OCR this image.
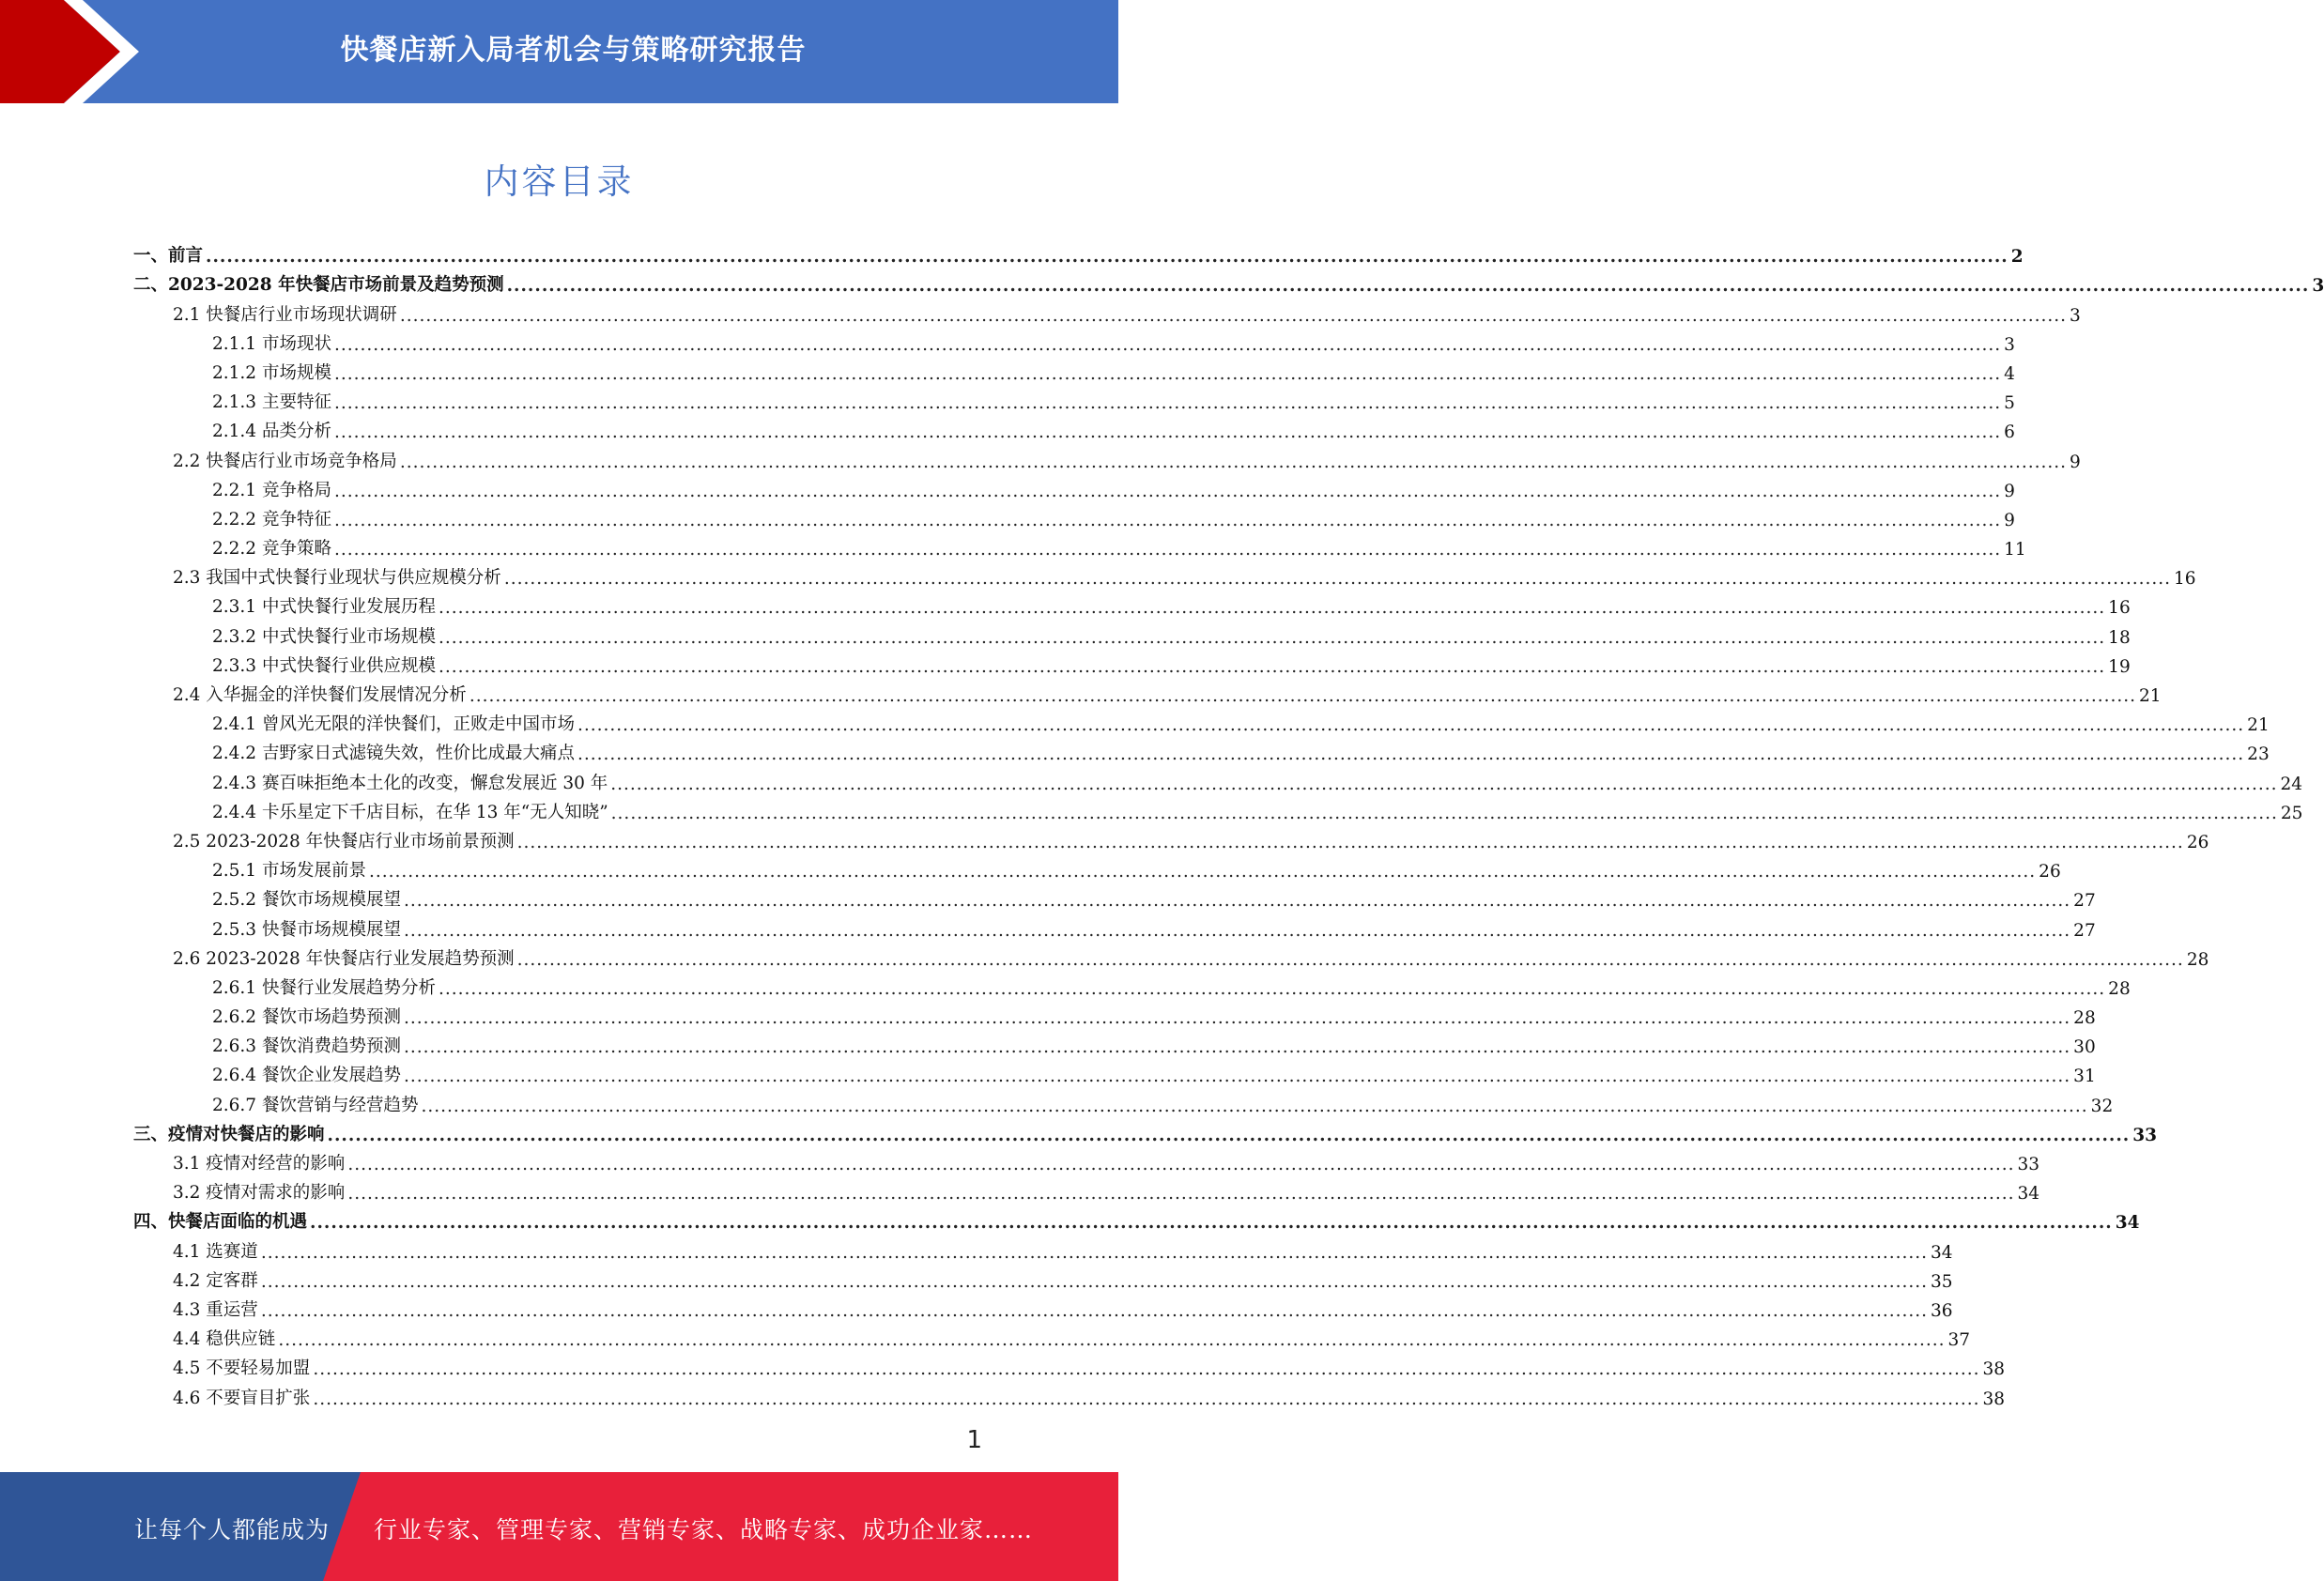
快餐店新入局者机会与策略研究报告
内容目录
一、前言 .................................................................................................................................................................................................................................................................. 2
二、2023-2028 年快餐店市场前景及趋势预测 .................................................................................................................................................................................................................................................................. 3
2.1 快餐店行业市场现状调研 .................................................................................................................................................................................................................................................................. 3
2.1.1 市场现状 .................................................................................................................................................................................................................................................................. 3
2.1.2 市场规模 .................................................................................................................................................................................................................................................................. 4
2.1.3 主要特征 .................................................................................................................................................................................................................................................................. 5
2.1.4 品类分析 .................................................................................................................................................................................................................................................................. 6
2.2 快餐店行业市场竞争格局 .................................................................................................................................................................................................................................................................. 9
2.2.1 竞争格局 .................................................................................................................................................................................................................................................................. 9
2.2.2 竞争特征 .................................................................................................................................................................................................................................................................. 9
2.2.2 竞争策略 .................................................................................................................................................................................................................................................................. 11
2.3 我国中式快餐行业现状与供应规模分析 .................................................................................................................................................................................................................................................................. 16
2.3.1 中式快餐行业发展历程 .................................................................................................................................................................................................................................................................. 16
2.3.2 中式快餐行业市场规模 .................................................................................................................................................................................................................................................................. 18
2.3.3 中式快餐行业供应规模 .................................................................................................................................................................................................................................................................. 19
2.4 入华掘金的洋快餐们发展情况分析 .................................................................................................................................................................................................................................................................. 21
2.4.1 曾风光无限的洋快餐们，正败走中国市场 .................................................................................................................................................................................................................................................................. 21
2.4.2 吉野家日式滤镜失效，性价比成最大痛点 .................................................................................................................................................................................................................................................................. 23
2.4.3 赛百味拒绝本土化的改变，懈怠发展近 30 年 .................................................................................................................................................................................................................................................................. 24
2.4.4 卡乐星定下千店目标，在华 13 年“无人知晓” .................................................................................................................................................................................................................................................................. 25
2.5 2023-2028 年快餐店行业市场前景预测 .................................................................................................................................................................................................................................................................. 26
2.5.1 市场发展前景 .................................................................................................................................................................................................................................................................. 26
2.5.2 餐饮市场规模展望 .................................................................................................................................................................................................................................................................. 27
2.5.3 快餐市场规模展望 .................................................................................................................................................................................................................................................................. 27
2.6 2023-2028 年快餐店行业发展趋势预测 .................................................................................................................................................................................................................................................................. 28
2.6.1 快餐行业发展趋势分析 .................................................................................................................................................................................................................................................................. 28
2.6.2 餐饮市场趋势预测 .................................................................................................................................................................................................................................................................. 28
2.6.3 餐饮消费趋势预测 .................................................................................................................................................................................................................................................................. 30
2.6.4 餐饮企业发展趋势 .................................................................................................................................................................................................................................................................. 31
2.6.7 餐饮营销与经营趋势 .................................................................................................................................................................................................................................................................. 32
三、疫情对快餐店的影响 .................................................................................................................................................................................................................................................................. 33
3.1 疫情对经营的影响 .................................................................................................................................................................................................................................................................. 33
3.2 疫情对需求的影响 .................................................................................................................................................................................................................................................................. 34
四、快餐店面临的机遇 .................................................................................................................................................................................................................................................................. 34
4.1 选赛道 .................................................................................................................................................................................................................................................................. 34
4.2 定客群 .................................................................................................................................................................................................................................................................. 35
4.3 重运营 .................................................................................................................................................................................................................................................................. 36
4.4 稳供应链 .................................................................................................................................................................................................................................................................. 37
4.5 不要轻易加盟 .................................................................................................................................................................................................................................................................. 38
4.6 不要盲目扩张 .................................................................................................................................................................................................................................................................. 38
1
让每个人都能成为 行业专家、管理专家、营销专家、战略专家、成功企业家……
